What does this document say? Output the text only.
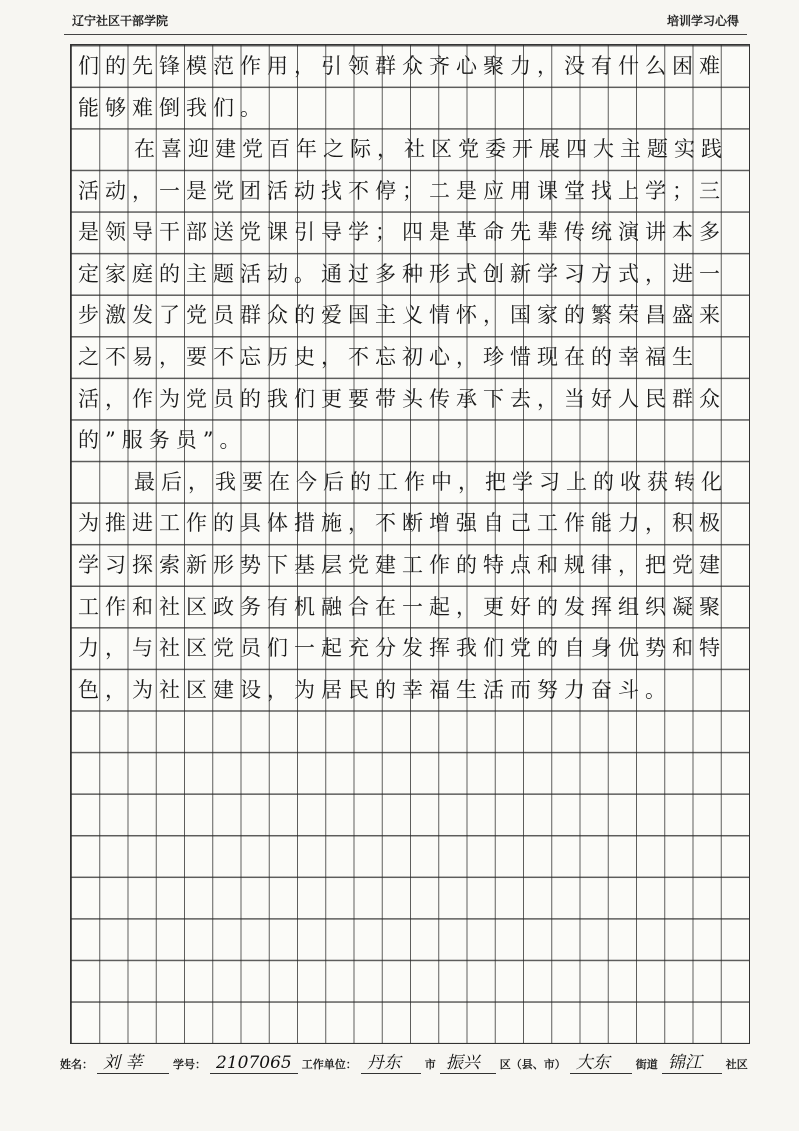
辽宁社区干部学院	培训学习心得

们的先锋模范作用，引领群众齐心聚力，没有什么困难能够难倒我们。

在喜迎建党百年之际，社区党委开展四大主题实践活动，一是党团活动找不停；二是应用课堂找上学；三是领导干部送党课引导学；四是革命先辈传统演讲本多定家庭的主题活动。通过多种形式创新学习方式，进一步激发了党员群众的爱国主义情怀，国家的繁荣昌盛来之不易，要不忘历史，不忘初心，珍惜现在的幸福生活，作为党员的我们更要带头传承下去，当好人民群众的”服务员”。

最后，我要在今后的工作中，把学习上的收获转化为推进工作的具体措施，不断增强自己工作能力，积极学习探索新形势下基层党建工作的特点和规律，把党建工作和社区政务有机融合在一起，更好的发挥组织凝聚力，与社区党员们一起充分发挥我们党的自身优势和特色，为社区建设，为居民的幸福生活而努力奋斗。

姓名： 刘 莘	学号： 2107065 工作单位： 丹东	市 振兴	区（县、市） 大东	街道 锦江	社区
